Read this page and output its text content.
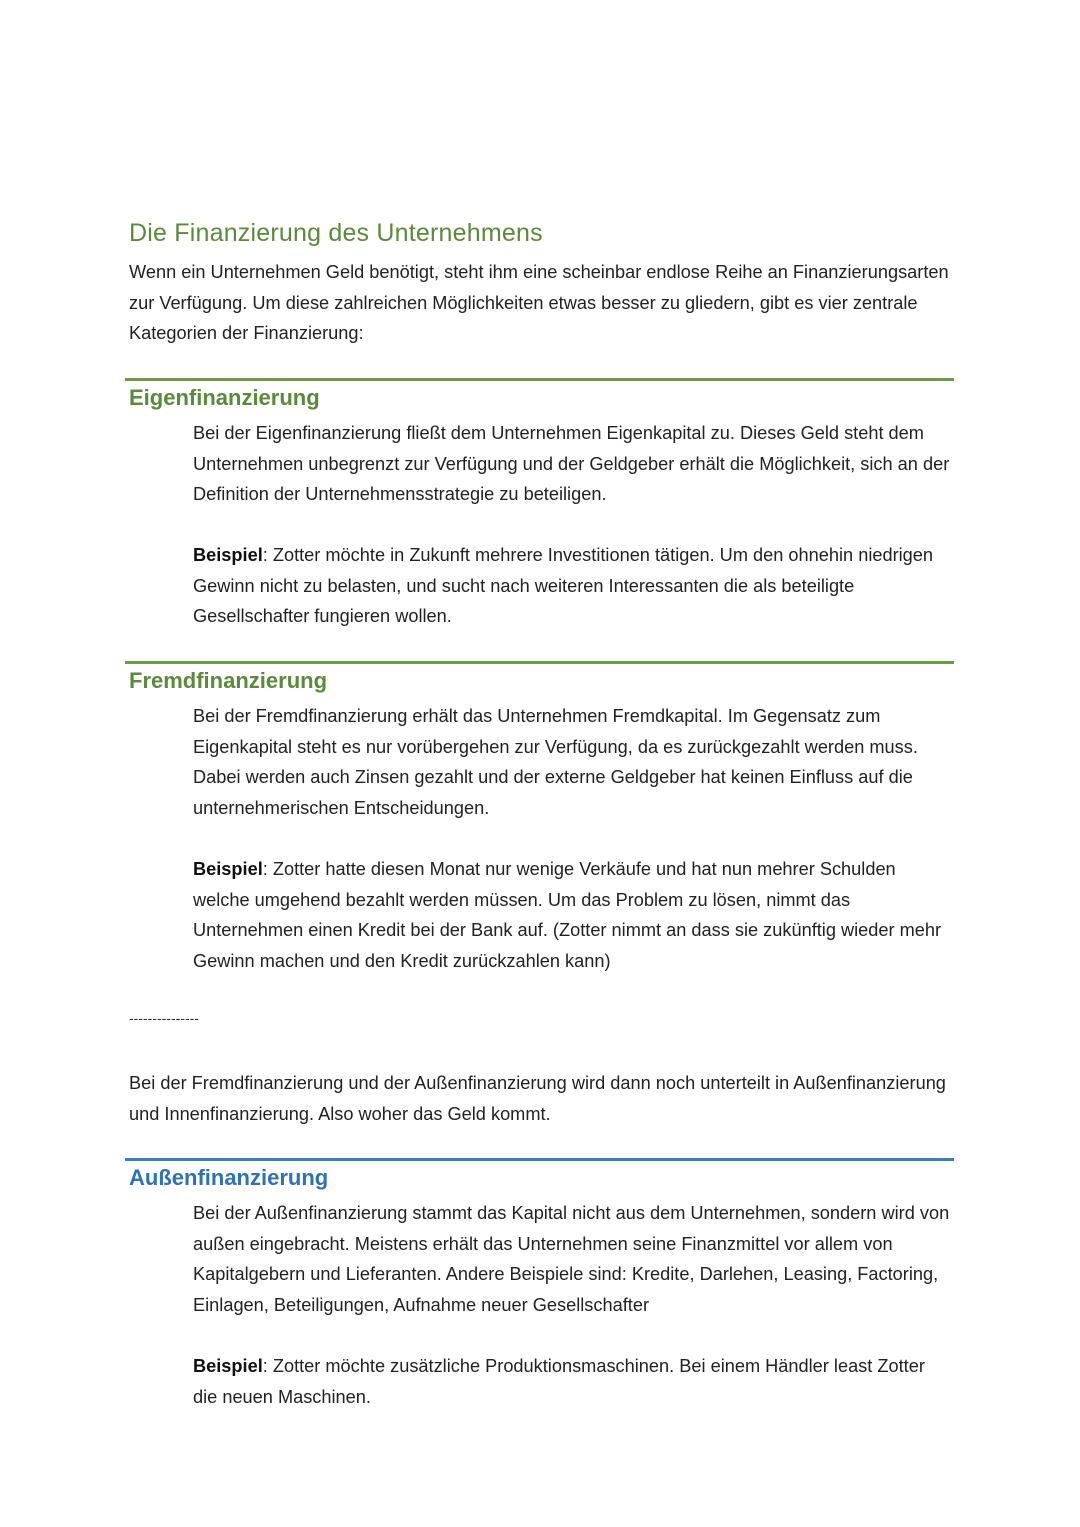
Die Finanzierung des Unternehmens

Wenn ein Unternehmen Geld benötigt, steht ihm eine scheinbar endlose Reihe an Finanzierungsarten zur Verfügung. Um diese zahlreichen Möglichkeiten etwas besser zu gliedern, gibt es vier zentrale Kategorien der Finanzierung:

Eigenfinanzierung

Bei der Eigenfinanzierung fließt dem Unternehmen Eigenkapital zu. Dieses Geld steht dem Unternehmen unbegrenzt zur Verfügung und der Geldgeber erhält die Möglichkeit, sich an der Definition der Unternehmensstrategie zu beteiligen.

Beispiel: Zotter möchte in Zukunft mehrere Investitionen tätigen. Um den ohnehin niedrigen Gewinn nicht zu belasten, und sucht nach weiteren Interessanten die als beteiligte Gesellschafter fungieren wollen.

Fremdfinanzierung

Bei der Fremdfinanzierung erhält das Unternehmen Fremdkapital. Im Gegensatz zum Eigenkapital steht es nur vorübergehen zur Verfügung, da es zurückgezahlt werden muss. Dabei werden auch Zinsen gezahlt und der externe Geldgeber hat keinen Einfluss auf die unternehmerischen Entscheidungen.

Beispiel: Zotter hatte diesen Monat nur wenige Verkäufe und hat nun mehrer Schulden welche umgehend bezahlt werden müssen. Um das Problem zu lösen, nimmt das Unternehmen einen Kredit bei der Bank auf. (Zotter nimmt an dass sie zukünftig wieder mehr Gewinn machen und den Kredit zurückzahlen kann)

---------------

Bei der Fremdfinanzierung und der Außenfinanzierung wird dann noch unterteilt in Außenfinanzierung und Innenfinanzierung. Also woher das Geld kommt.

Außenfinanzierung

Bei der Außenfinanzierung stammt das Kapital nicht aus dem Unternehmen, sondern wird von außen eingebracht. Meistens erhält das Unternehmen seine Finanzmittel vor allem von Kapitalgebern und Lieferanten. Andere Beispiele sind: Kredite, Darlehen, Leasing, Factoring, Einlagen, Beteiligungen, Aufnahme neuer Gesellschafter

Beispiel: Zotter möchte zusätzliche Produktionsmaschinen. Bei einem Händler least Zotter die neuen Maschinen.
